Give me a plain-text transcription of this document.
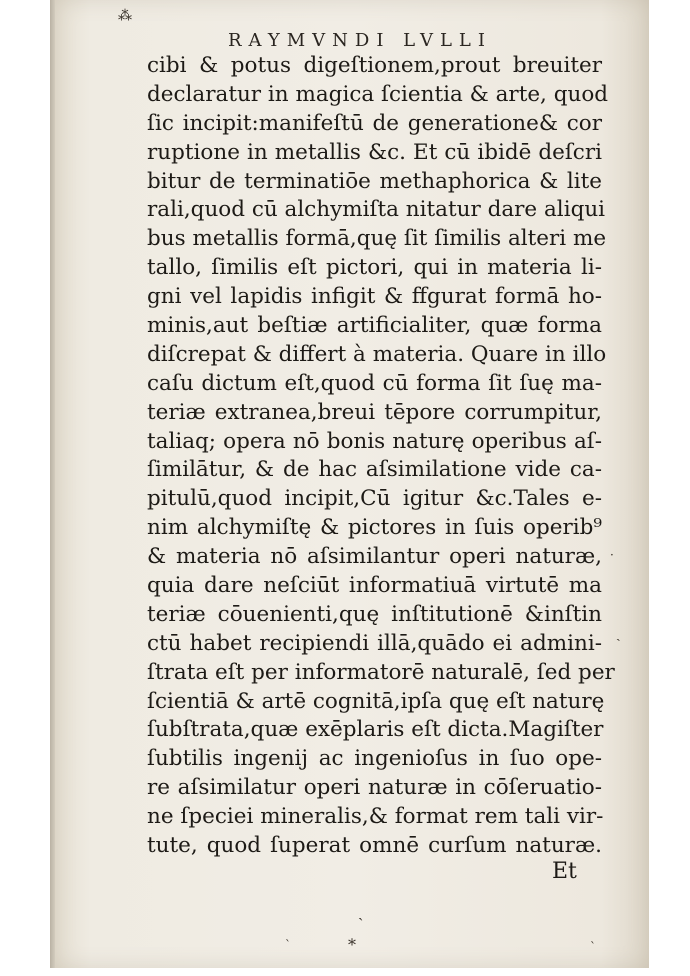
RAYMVNDI LVLLI
cibi & potus digeſtionem,prout breuiter
declaratur in magica ſcientia & arte, quod
ſic incipit:manifeſtū de generatione& cor
ruptione in metallis &c. Et cū ibidē deſcri
bitur de terminatiōe methaphorica & lite
rali,quod cū alchymiſta nitatur dare aliqui
bus metallis formā,quę ſit ſimilis alteri me
tallo, ſimilis eſt pictori, qui in materia li-
gni vel lapidis infigit & ffgurat formā ho-
minis,aut beſtiæ artificialiter, quæ forma
diſcrepat & differt à materia. Quare in illo
caſu dictum eſt,quod cū forma ſit ſuę ma-
teriæ extranea,breui tēpore corrumpitur,
taliaq; opera nō bonis naturę operibus aſ-
ſimilātur, & de hac aſsimilatione vide ca-
pitulū,quod incipit,Cū igitur &c.Tales e-
nim alchymiſtę & pictores in ſuis operib⁹
& materia nō aſsimilantur operi naturæ,
quia dare neſciūt informatiuā virtutē ma
teriæ cōuenienti,quę inſtitutionē &inſtin
ctū habet recipiendi illā,quādo ei admini-
ſtrata eſt per informatorē naturalē, ſed per
ſcientiā & artē cognitā,ipſa quę eſt naturę
ſubſtrata,quæ exēplaris eſt dicta.Magiſter
ſubtilis ingenij ac ingenioſus in ſuo ope-
re aſsimilatur operi naturæ in cōſeruatio-
ne ſpeciei mineralis,& format rem tali vir-
tute, quod ſuperat omnē curſum naturæ.
Et
⁂
·
ˏ
ˎ
⁎
ˋ	ˋ
